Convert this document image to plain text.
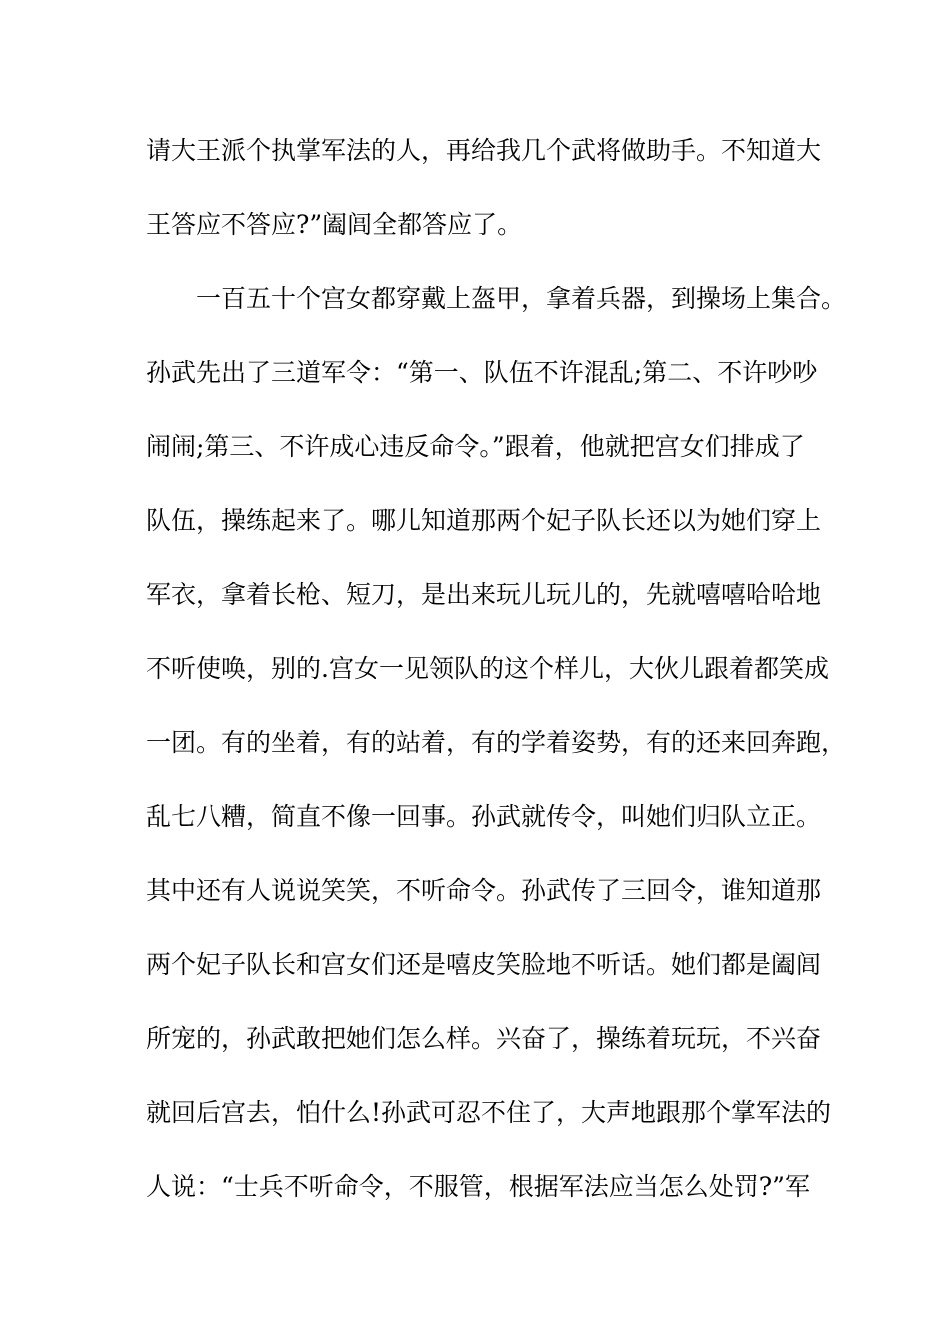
请大王派个执掌军法的人，再给我几个武将做助手。不知道大
王答应不答应?”阖闾全都答应了。
一百五十个宫女都穿戴上盔甲，拿着兵器，到操场上集合。
孙武先出了三道军令：“第一、队伍不许混乱;第二、不许吵吵
闹闹;第三、不许成心违反命令。”跟着，他就把宫女们排成了
队伍，操练起来了。哪儿知道那两个妃子队长还以为她们穿上
军衣，拿着长枪、短刀，是出来玩儿玩儿的，先就嘻嘻哈哈地
不听使唤，别的.宫女一见领队的这个样儿，大伙儿跟着都笑成
一团。有的坐着，有的站着，有的学着姿势，有的还来回奔跑，
乱七八糟，简直不像一回事。孙武就传令，叫她们归队立正。
其中还有人说说笑笑，不听命令。孙武传了三回令，谁知道那
两个妃子队长和宫女们还是嘻皮笑脸地不听话。她们都是阖闾
所宠的，孙武敢把她们怎么样。兴奋了，操练着玩玩，不兴奋
就回后宫去，怕什么!孙武可忍不住了，大声地跟那个掌军法的
人说：“士兵不听命令，不服管，根据军法应当怎么处罚?”军
